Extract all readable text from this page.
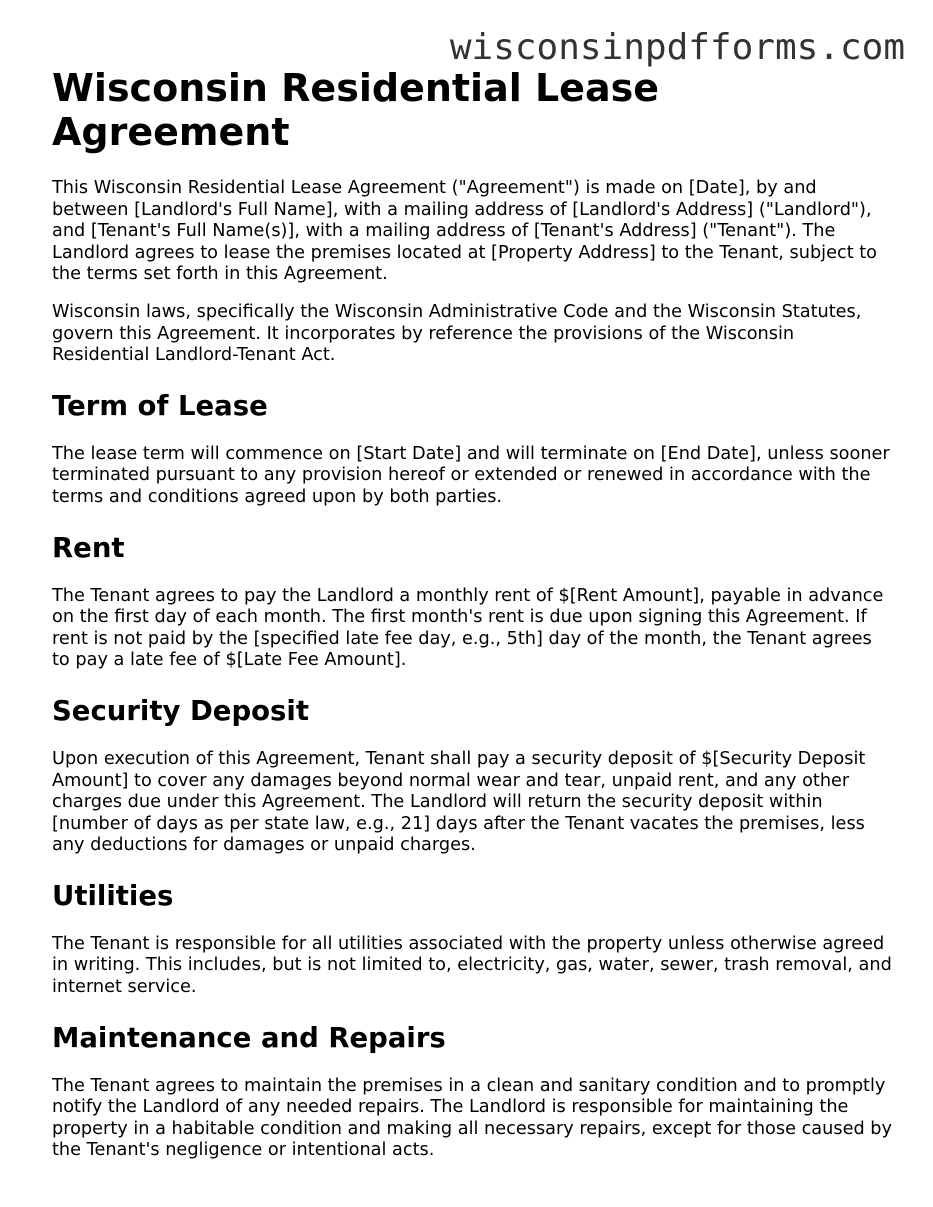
wisconsinpdfforms.com
Wisconsin Residential Lease Agreement

This Wisconsin Residential Lease Agreement ("Agreement") is made on [Date], by and between [Landlord's Full Name], with a mailing address of [Landlord's Address] ("Landlord"), and [Tenant's Full Name(s)], with a mailing address of [Tenant's Address] ("Tenant"). The Landlord agrees to lease the premises located at [Property Address] to the Tenant, subject to the terms set forth in this Agreement.

Wisconsin laws, specifically the Wisconsin Administrative Code and the Wisconsin Statutes, govern this Agreement. It incorporates by reference the provisions of the Wisconsin Residential Landlord-Tenant Act.

Term of Lease

The lease term will commence on [Start Date] and will terminate on [End Date], unless sooner terminated pursuant to any provision hereof or extended or renewed in accordance with the terms and conditions agreed upon by both parties.

Rent

The Tenant agrees to pay the Landlord a monthly rent of $[Rent Amount], payable in advance on the first day of each month. The first month's rent is due upon signing this Agreement. If rent is not paid by the [specified late fee day, e.g., 5th] day of the month, the Tenant agrees to pay a late fee of $[Late Fee Amount].

Security Deposit

Upon execution of this Agreement, Tenant shall pay a security deposit of $[Security Deposit Amount] to cover any damages beyond normal wear and tear, unpaid rent, and any other charges due under this Agreement. The Landlord will return the security deposit within [number of days as per state law, e.g., 21] days after the Tenant vacates the premises, less any deductions for damages or unpaid charges.

Utilities

The Tenant is responsible for all utilities associated with the property unless otherwise agreed in writing. This includes, but is not limited to, electricity, gas, water, sewer, trash removal, and internet service.

Maintenance and Repairs

The Tenant agrees to maintain the premises in a clean and sanitary condition and to promptly notify the Landlord of any needed repairs. The Landlord is responsible for maintaining the property in a habitable condition and making all necessary repairs, except for those caused by the Tenant's negligence or intentional acts.
